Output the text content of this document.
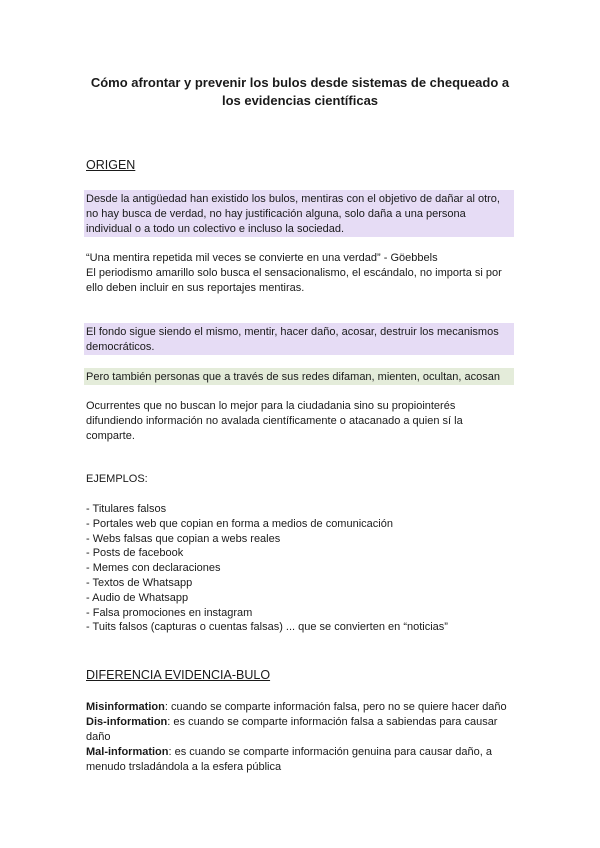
Cómo afrontar y prevenir los bulos desde sistemas de chequeado a los evidencias científicas
ORIGEN
Desde la antigüedad han existido los bulos, mentiras con el objetivo de dañar al otro, no hay busca de verdad, no hay justificación alguna, solo daña a una persona individual o a todo un colectivo e incluso la sociedad.
“Una mentira repetida mil veces se convierte en una verdad” - Göebbels
El periodismo amarillo solo busca el sensacionalismo, el escándalo, no importa si por ello deben incluir en sus reportajes mentiras.
El fondo sigue siendo el mismo, mentir, hacer daño, acosar, destruir los mecanismos democráticos.
Pero también personas que a través de sus redes difaman, mienten, ocultan, acosan
Ocurrentes que no buscan lo mejor para la ciudadania sino su propiointerés difundiendo información no avalada científicamente o atacanado a quien sí la comparte.
EJEMPLOS:
- Titulares falsos
- Portales web que copian en forma a medios de comunicación
- Webs falsas que copian a webs reales
- Posts de facebook
- Memes con declaraciones
- Textos de Whatsapp
- Audio de Whatsapp
- Falsa promociones en instagram
- Tuits falsos (capturas o cuentas falsas) ... que se convierten en “noticias”
DIFERENCIA EVIDENCIA-BULO
Misinformation: cuando se comparte información falsa, pero no se quiere hacer daño
Dis-information: es cuando se comparte información falsa a sabiendas para causar daño
Mal-information: es cuando se comparte información genuina para causar daño, a menudo trsladándola a la esfera pública
